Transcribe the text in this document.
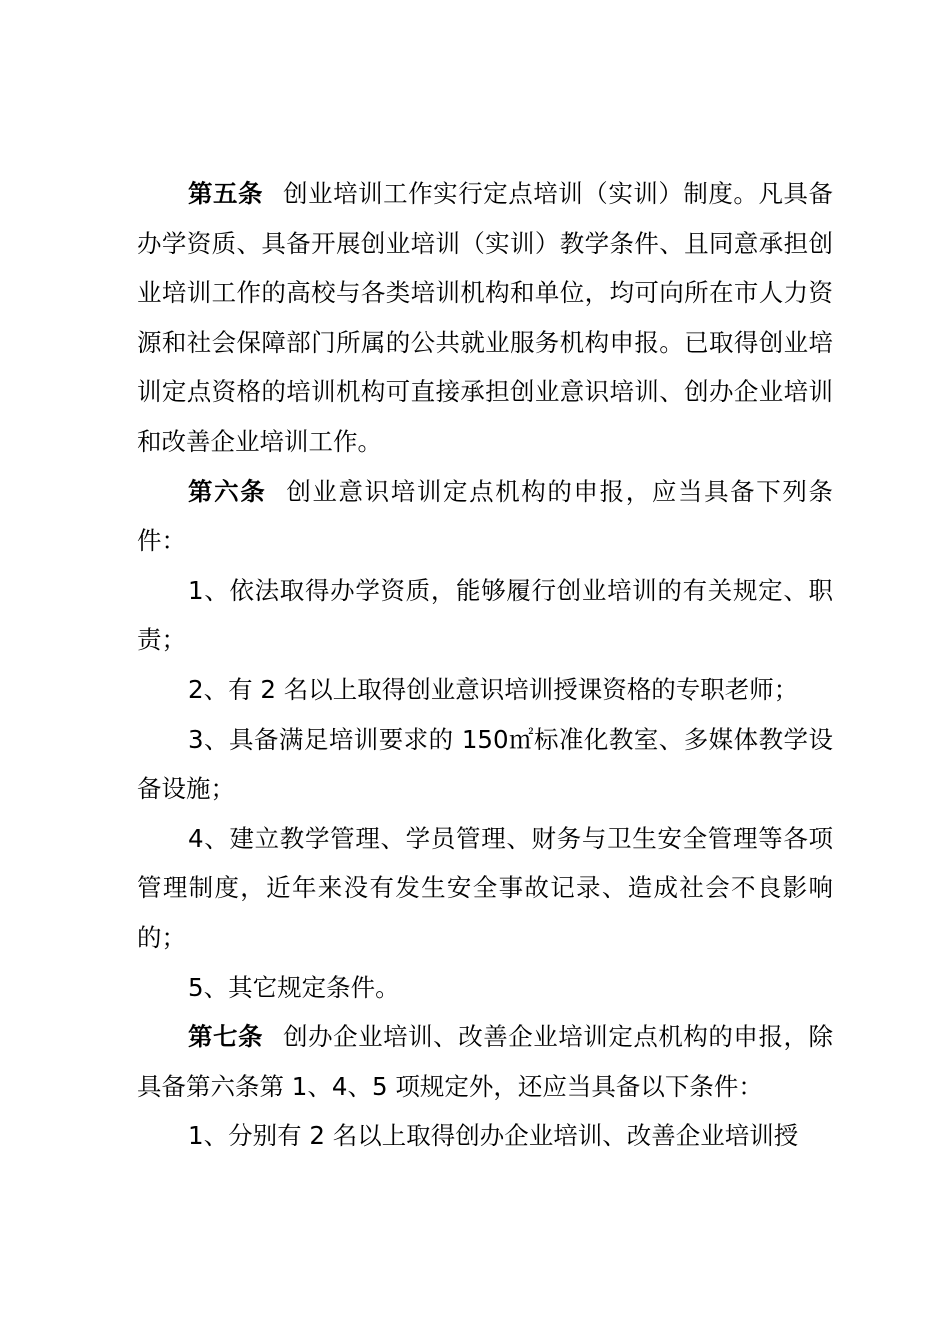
第五条 创业培训工作实行定点培训（实训）制度。凡具备办学资质、具备开展创业培训（实训）教学条件、且同意承担创业培训工作的高校与各类培训机构和单位，均可向所在市人力资源和社会保障部门所属的公共就业服务机构申报。已取得创业培训定点资格的培训机构可直接承担创业意识培训、创办企业培训和改善企业培训工作。

第六条 创业意识培训定点机构的申报，应当具备下列条件：

1、依法取得办学资质，能够履行创业培训的有关规定、职责；

2、有 2 名以上取得创业意识培训授课资格的专职老师；

3、具备满足培训要求的 150㎡标准化教室、多媒体教学设备设施；

4、建立教学管理、学员管理、财务与卫生安全管理等各项管理制度，近年来没有发生安全事故记录、造成社会不良影响的；

5、其它规定条件。

第七条 创办企业培训、改善企业培训定点机构的申报，除具备第六条第 1、4、5 项规定外，还应当具备以下条件：

1、分别有 2 名以上取得创办企业培训、改善企业培训授
